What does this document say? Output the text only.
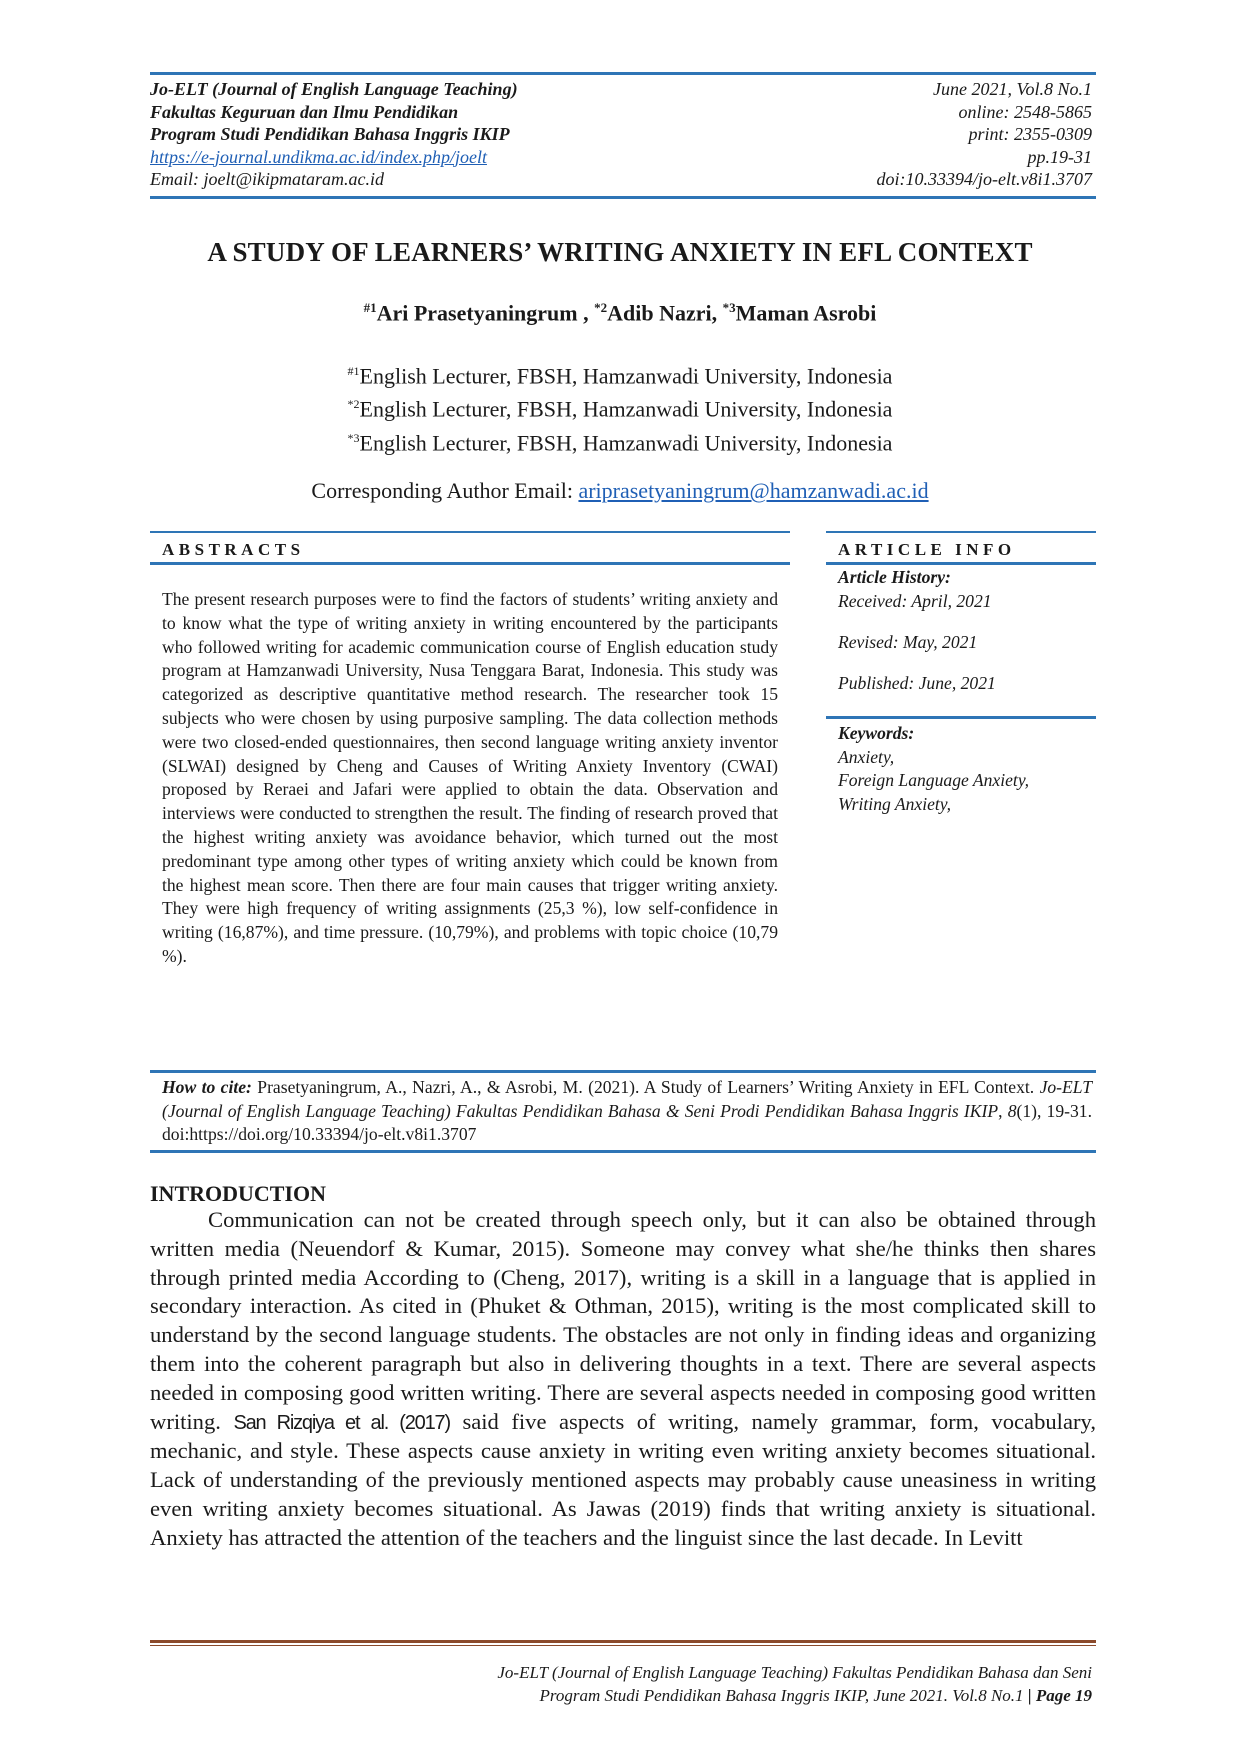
Jo-ELT (Journal of English Language Teaching)
Fakultas Keguruan dan Ilmu Pendidikan
Program Studi Pendidikan Bahasa Inggris IKIP
https://e-journal.undikma.ac.id/index.php/joelt
Email: joelt@ikipmataram.ac.id
June 2021, Vol.8 No.1
online: 2548-5865
print: 2355-0309
pp.19-31
doi:10.33394/jo-elt.v8i1.3707
A STUDY OF LEARNERS’ WRITING ANXIETY IN EFL CONTEXT
$^{\#1}$Ari Prasetyaningrum , $^{*2}$Adib Nazri, $^{*3}$Maman Asrobi
$^{\#1}$English Lecturer, FBSH, Hamzanwadi University, Indonesia
$^{*2}$English Lecturer, FBSH, Hamzanwadi University, Indonesia
$^{*3}$English Lecturer, FBSH, Hamzanwadi University, Indonesia
Corresponding Author Email: ariprasetyaningrum@hamzanwadi.ac.id
ABSTRACTS
The present research purposes were to find the factors of students’ writing anxiety and to know what the type of writing anxiety in writing encountered by the participants who followed writing for academic communication course of English education study program at Hamzanwadi University, Nusa Tenggara Barat, Indonesia. This study was categorized as descriptive quantitative method research. The researcher took 15 subjects who were chosen by using purposive sampling. The data collection methods were two closed-ended questionnaires, then second language writing anxiety inventor (SLWAI) designed by Cheng and Causes of Writing Anxiety Inventory (CWAI) proposed by Reraei and Jafari were applied to obtain the data. Observation and interviews were conducted to strengthen the result. The finding of research proved that the highest writing anxiety was avoidance behavior, which turned out the most predominant type among other types of writing anxiety which could be known from the highest mean score. Then there are four main causes that trigger writing anxiety. They were high frequency of writing assignments (25,3 %), low self-confidence in writing (16,87%), and time pressure. (10,79%), and problems with topic choice (10,79 %).
ARTICLE INFO
Article History:
Received: April, 2021
Revised: May, 2021
Published: June, 2021
Keywords:
Anxiety,
Foreign Language Anxiety,
Writing Anxiety,
How to cite: Prasetyaningrum, A., Nazri, A., & Asrobi, M. (2021). A Study of Learners’ Writing Anxiety in EFL Context. Jo-ELT (Journal of English Language Teaching) Fakultas Pendidikan Bahasa & Seni Prodi Pendidikan Bahasa Inggris IKIP, 8(1), 19-31. doi:https://doi.org/10.33394/jo-elt.v8i1.3707
INTRODUCTION
Communication can not be created through speech only, but it can also be obtained through written media (Neuendorf & Kumar, 2015). Someone may convey what she/he thinks then shares through printed media According to (Cheng, 2017), writing is a skill in a language that is applied in secondary interaction. As cited in (Phuket & Othman, 2015), writing is the most complicated skill to understand by the second language students. The obstacles are not only in finding ideas and organizing them into the coherent paragraph but also in delivering thoughts in a text. There are several aspects needed in composing good written writing. There are several aspects needed in composing good written writing. San Rizqiya et al. (2017) said five aspects of writing, namely grammar, form, vocabulary, mechanic, and style. These aspects cause anxiety in writing even writing anxiety becomes situational. Lack of understanding of the previously mentioned aspects may probably cause uneasiness in writing even writing anxiety becomes situational. As Jawas (2019) finds that writing anxiety is situational. Anxiety has attracted the attention of the teachers and the linguist since the last decade. In Levitt
Jo-ELT (Journal of English Language Teaching) Fakultas Pendidikan Bahasa dan Seni
Program Studi Pendidikan Bahasa Inggris IKIP, June 2021. Vol.8 No.1 | Page 19
